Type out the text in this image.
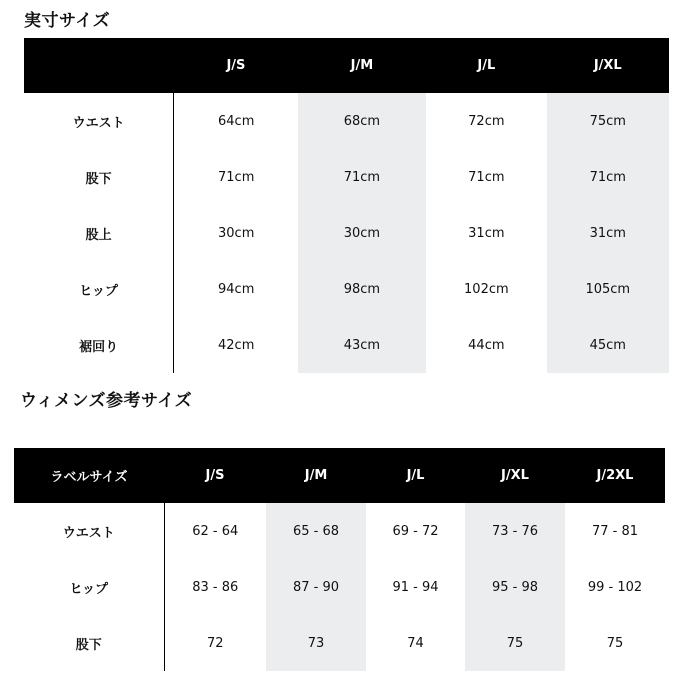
実寸サイズ
	J/S	J/M	J/L	J/XL
ウエスト	64cm	68cm	72cm	75cm
股下	71cm	71cm	71cm	71cm
股上	30cm	30cm	31cm	31cm
ヒップ	94cm	98cm	102cm	105cm
裾回り	42cm	43cm	44cm	45cm
ウィメンズ参考サイズ
ラベルサイズ	J/S	J/M	J/L	J/XL	J/2XL
ウエスト	62 - 64	65 - 68	69 - 72	73 - 76	77 - 81
ヒップ	83 - 86	87 - 90	91 - 94	95 - 98	99 - 102
股下	72	73	74	75	75
